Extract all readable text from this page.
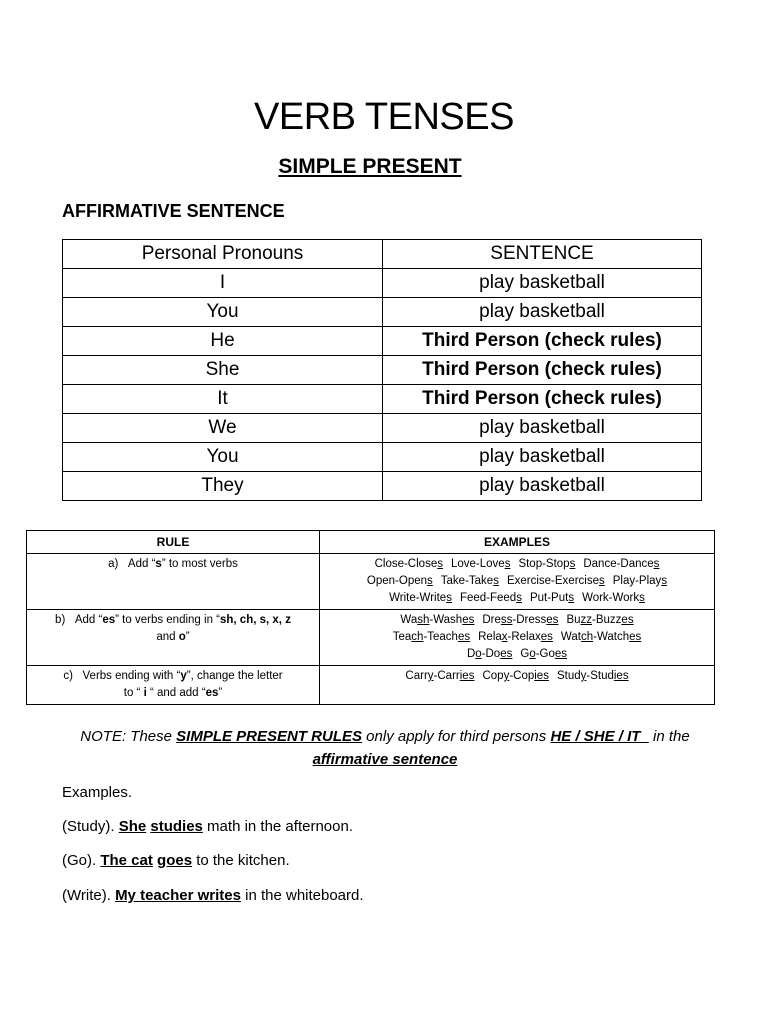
VERB TENSES
SIMPLE PRESENT
AFFIRMATIVE SENTENCE
Personal Pronouns	SENTENCE
I	play basketball
You	play basketball
He	Third Person (check rules)
She	Third Person (check rules)
It	Third Person (check rules)
We	play basketball
You	play basketball
They	play basketball
RULE	EXAMPLES
a)   Add “s” to most verbs	Close-Closes Love-Loves Stop-Stops Dance-Dances
Open-Opens Take-Takes Exercise-Exercises Play-Plays
Write-Writes Feed-Feeds Put-Puts Work-Works

b)   Add “es” to verbs ending in “sh, ch, s, x, z
and o”	Wash-Washes Dress-Dresses Buzz-Buzzes
Teach-Teaches Relax-Relaxes Watch-Watches
Do-Does Go-Goes

c)   Verbs ending with “y”, change the letter
to “ i “ and add “es”	Carry-Carries Copy-Copies Study-Studies
NOTE: These SIMPLE PRESENT RULES only apply for third persons HE / SHE / IT   in the
affirmative sentence
Examples.
(Study). She studies math in the afternoon.
(Go). The cat goes to the kitchen.
(Write). My teacher writes in the whiteboard.
